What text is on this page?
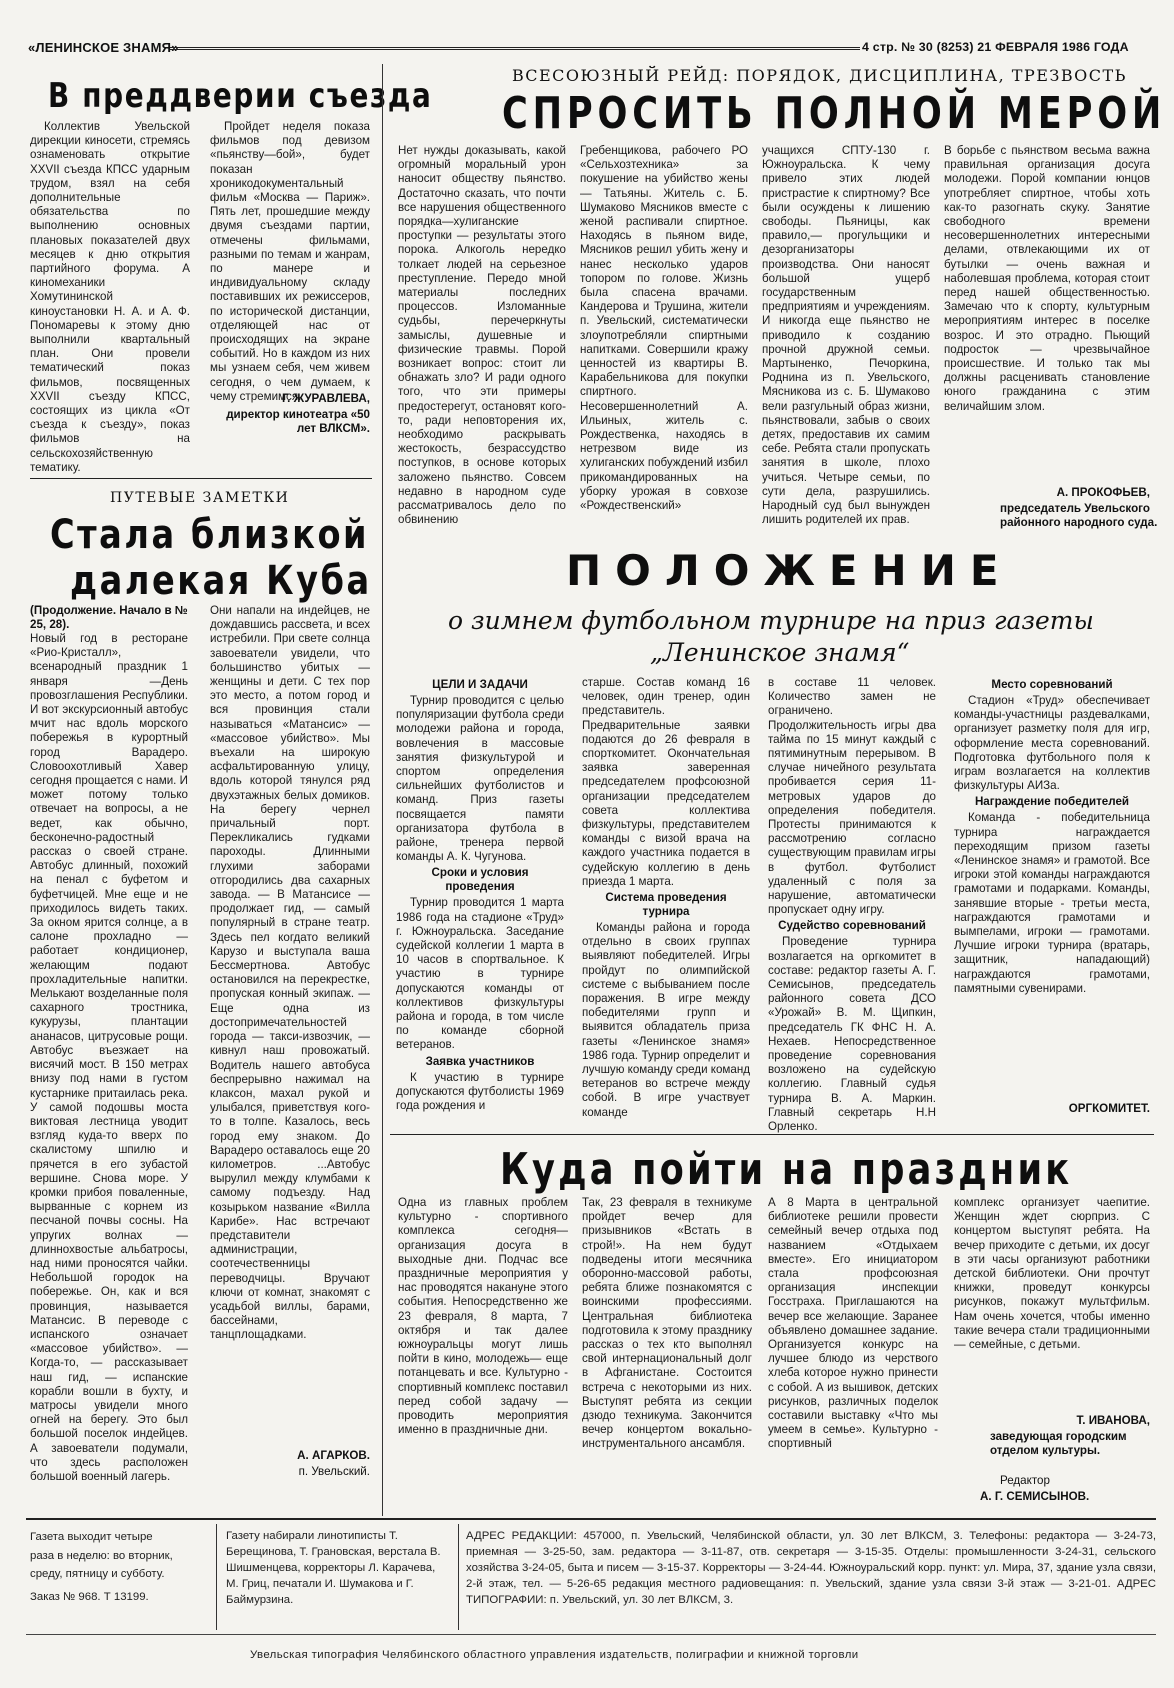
«ЛЕНИНСКОЕ ЗНАМЯ»	4 стр. № 30 (8253) 21 ФЕВРАЛЯ 1986 ГОДА
В преддверии съезда
Коллектив Увельской дирекции киносети, стремясь ознаменовать открытие XXVII съезда КПСС ударным трудом, взял на себя дополнительные обязательства по выполнению основных плановых показателей двух месяцев к дню открытия партийного форума. А киномеханики Хомутининской киноустановки Н. А. и А. Ф. Пономаревы к этому дню выполнили квартальный план. Они провели тематический показ фильмов, посвященных XXVII съезду КПСС, состоящих из цикла «От съезда к съезду», показ фильмов на сельскохозяйственную тематику.
Пройдет неделя показа фильмов под девизом «пьянству—бой», будет показан хроникодокументальный фильм «Москва — Париж». Пять лет, прошедшие между двумя съездами партии, отмечены фильмами, разными по темам и жанрам, по манере и индивидуальному складу поставивших их режиссеров, по исторической дистанции, отделяющей нас от происходящих на экране событий. Но в каждом из них мы узнаем себя, чем живем сегодня, о чем думаем, к чему стремимся.
Г. ЖУРАВЛЕВА,
директор кинотеатра «50 лет ВЛКСМ».
ПУТЕВЫЕ ЗАМЕТКИ
Стала близкой
далекая Куба
(Продолжение. Начало в № 25, 28).
Новый год в ресторане «Рио-Кристалл», всенародный праздник 1 января —День провозглашения Республики. И вот экскурсионный автобус мчит нас вдоль морского побережья в курортный город Варадеро. Словоохотливый Хавер сегодня прощается с нами. И может потому только отвечает на вопросы, а не ведет, как обычно, бесконечно-радостный рассказ о своей стране. Автобус длинный, похожий на пенал с буфетом и буфетчицей. Мне еще и не приходилось видеть таких. За окном ярится солнце, а в салоне прохладно — работает кондиционер, желающим подают прохладительные напитки. Мелькают возделанные поля сахарного тростника, кукурузы, плантации ананасов, цитрусовые рощи. Автобус въезжает на висячий мост. В 150 метрах внизу под нами в густом кустарнике притаилась река. У самой подошвы моста виктовая лестница уводит взгляд куда-то вверх по скалистому шпилю и прячется в его зубастой вершине. Снова море. У кромки прибоя поваленные, вырванные с корнем из песчаной почвы сосны. На упругих волнах — длиннохвостые альбатросы, над ними проносятся чайки. Небольшой городок на побережье. Он, как и вся провинция, называется Матансис. В переводе с испанского означает «массовое убийство». — Когда-то, — рассказывает наш гид, — испанские корабли вошли в бухту, и матросы увидели много огней на берегу. Это был большой поселок индейцев. А завоеватели подумали, что здесь расположен большой военный лагерь.
Они напали на индейцев, не дождавшись рассвета, и всех истребили. При свете солнца завоеватели увидели, что большинство убитых — женщины и дети. С тех пор это место, а потом город и вся провинция стали называться «Матансис» — «массовое убийство». Мы въехали на широкую асфальтированную улицу, вдоль которой тянулся ряд двухэтажных белых домиков. На берегу чернел причальный порт. Перекликались гудками пароходы. Длинными глухими заборами отгородились два сахарных завода. — В Матансисе —продолжает гид, — самый популярный в стране театр. Здесь пел когдато великий Карузо и выступала ваша Бессмертнова. Автобус остановился на перекрестке, пропуская конный экипаж. — Еще одна из достопримечательностей города — такси-извозчик, — кивнул наш провожатый. Водитель нашего автобуса беспрерывно нажимал на клаксон, махал рукой и улыбался, приветствуя кого-то в толпе. Казалось, весь город ему знаком. До Варадеро оставалось еще 20 километров. ...Автобус вырулил между клумбами к самому подъезду. Над козырьком название «Вилла Карибе». Нас встречают представители администрации, соотечественницы переводчицы. Вручают ключи от комнат, знакомят с усадьбой виллы, барами, бассейнами, танцплощадками.
А. АГАРКОВ.
п. Увельский.
ВСЕСОЮЗНЫЙ РЕЙД: ПОРЯДОК, ДИСЦИПЛИНА, ТРЕЗВОСТЬ
СПРОСИТЬ ПОЛНОЙ МЕРОЙ
Нет нужды доказывать, какой огромный моральный урон наносит обществу пьянство. Достаточно сказать, что почти все нарушения общественного порядка—хулиганские проступки — результаты этого порока. Алкоголь нередко толкает людей на серьезное преступление. Передо мной материалы последних процессов. Изломанные судьбы, перечеркнуты замыслы, душевные и физические травмы. Порой возникает вопрос: стоит ли обнажать зло? И ради одного того, что эти примеры предостерегут, остановят кого-то, ради неповторения их, необходимо раскрывать жестокость, безрассудство поступков, в основе которых заложено пьянство. Совсем недавно в народном суде рассматривалось дело по обвинению
Гребенщикова, рабочего РО «Сельхозтехника» за покушение на убийство жены — Татьяны. Житель с. Б. Шумаково Мясников вместе с женой распивали спиртное. Находясь в пьяном виде, Мясников решил убить жену и нанес несколько ударов топором по голове. Жизнь была спасена врачами. Кандерова и Трушина, жители п. Увельский, систематически злоупотребляли спиртными напитками. Совершили кражу ценностей из квартиры В. Карабельникова для покупки спиртного. Несовершеннолетний А. Ильиных, житель с. Рождественка, находясь в нетрезвом виде из хулиганских побуждений избил прикомандированных на уборку урожая в совхозе «Рождественский»
учащихся СПТУ-130 г. Южноуральска. К чему привело этих людей пристрастие к спиртному? Все были осуждены к лишению свободы. Пьяницы, как правило,— прогульщики и дезорганизаторы производства. Они наносят большой ущерб государственным предприятиям и учреждениям. И никогда еще пьянство не приводило к созданию прочной дружной семьи. Мартыненко, Печоркина, Роднина из п. Увельского, Мясникова из с. Б. Шумаково вели разгульный образ жизни, пьянствовали, забыв о своих детях, предоставив их самим себе. Ребята стали пропускать занятия в школе, плохо учиться. Четыре семьи, по сути дела, разрушились. Народный суд был вынужден лишить родителей их прав.
В борьбе с пьянством весьма важна правильная организация досуга молодежи. Порой компании юнцов употребляет спиртное, чтобы хоть как-то разогнать скуку. Занятие свободного времени несовершеннолетних интересными делами, отвлекающими их от бутылки — очень важная и наболевшая проблема, которая стоит перед нашей общественностью. Замечаю что к спорту, культурным мероприятиям интерес в поселке возрос. И это отрадно. Пьющий подросток — чрезвычайное происшествие. И только так мы должны расценивать становление юного гражданина с этим величайшим злом.
А. ПРОКОФЬЕВ,
председатель Увельского районного народного суда.
ПОЛОЖЕНИЕ
о зимнем футбольном турнире на приз газеты
„Ленинское знамя“
ЦЕЛИ И ЗАДАЧИ
Турнир проводится с целью популяризации футбола среди молодежи района и города, вовлечения в массовые занятия физкультурой и спортом определения сильнейших футболистов и команд. Приз газеты посвящается памяти организатора футбола в районе, тренера первой команды А. К. Чугунова.
Сроки и условия проведения
Турнир проводится 1 марта 1986 года на стадионе «Труд» г. Южноуральска. Заседание судейской коллегии 1 марта в 10 часов в спортвальное. К участию в турнире допускаются команды от коллективов физкультуры района и города, в том числе по команде сборной ветеранов.
Заявка участников
К участию в турнире допускаются футболисты 1969 года рождения и
старше. Состав команд 16 человек, один тренер, один представитель. Предварительные заявки подаются до 26 февраля в спорткомитет. Окончательная заявка заверенная председателем профсоюзной организации председателем совета коллектива физкультуры, представителем команды с визой врача на каждого участника подается в судейскую коллегию в день приезда 1 марта.
Система проведения турнира
Команды района и города отдельно в своих группах выявляют победителей. Игры пройдут по олимпийской системе с выбыванием после поражения. В игре между победителями групп и выявится обладатель приза газеты «Ленинское знамя» 1986 года. Турнир определит и лучшую команду среди команд ветеранов во встрече между собой. В игре участвует команде
в составе 11 человек. Количество замен не ограничено. Продолжительность игры два тайма по 15 минут каждый с пятиминутным перерывом. В случае ничейного результата пробивается серия 11-метровых ударов до определения победителя. Протесты принимаются к рассмотрению согласно существующим правилам игры в футбол. Футболист удаленный с поля за нарушение, автоматически пропускает одну игру.
Судейство соревнований
Проведение турнира возлагается на оргкомитет в составе: редактор газеты А. Г. Семисынов, председатель районного совета ДСО «Урожай» В. М. Щипкин, председатель ГК ФНС Н. А. Нехаев. Непосредственное проведение соревнования возложено на судейскую коллегию. Главный судья турнира В. А. Маркин. Главный секретарь Н.Н Орленко.
Место соревнований
Стадион «Труд» обеспечивает команды-участницы раздевалками, организует разметку поля для игр, оформление места соревнований. Подготовка футбольного поля к играм возлагается на коллектив физкультуры АИЗа.
Награждение победителей
Команда - победительница турнира награждается переходящим призом газеты «Ленинское знамя» и грамотой. Все игроки этой команды награждаются грамотами и подарками. Команды, занявшие вторые - третьи места, награждаются грамотами и вымпелами, игроки — грамотами. Лучшие игроки турнира (вратарь, защитник, нападающий) награждаются грамотами, памятными сувенирами.
ОРГКОМИТЕТ.
Куда пойти на праздник
Одна из главных проблем культурно - спортивного комплекса сегодня— организация досуга в выходные дни. Подчас все праздничные мероприятия у нас проводятся накануне этого события. Непосредственно же 23 февраля, 8 марта, 7 октября и так далее южноуральцы могут лишь пойти в кино, молодежь— еще потанцевать и все. Культурно - спортивный комплекс поставил перед собой задачу —проводить мероприятия именно в праздничные дни.
Так, 23 февраля в техникуме пройдет вечер для призывников «Встать в строй!». На нем будут подведены итоги месячника оборонно-массовой работы, ребята ближе познакомятся с воинскими профессиями. Центральная библиотека подготовила к этому празднику рассказ о тех кто выполнял свой интернациональный долг в Афганистане. Состоится встреча с некоторыми из них. Выступят ребята из секции дзюдо техникума. Закончится вечер концертом вокально-инструментального ансамбля.
А 8 Марта в центральной библиотеке решили провести семейный вечер отдыха под названием «Отдыхаем вместе». Его инициатором стала профсоюзная организация инспекции Госстраха. Приглашаются на вечер все желающие. Заранее объявлено домашнее задание. Организуется конкурс на лучшее блюдо из черствого хлеба которое нужно принести с собой. А из вышивок, детских рисунков, различных поделок составили выставку «Что мы умеем в семье». Культурно - спортивный
комплекс организует чаепитие. Женщин ждет сюрприз. С концертом выступят ребята. На вечер приходите с детьми, их досуг в эти часы организуют работники детской библиотеки. Они прочтут книжки, проведут конкурсы рисунков, покажут мультфильм. Нам очень хочется, чтобы именно такие вечера стали традиционными— семейные, с детьми.
Т. ИВАНОВА,
заведующая городским отделом культуры.
Редактор
А. Г. СЕМИСЫНОВ.
Газета выходит четыре
раза в неделю: во вторник,
среду, пятницу и субботу.
Заказ № 968. Т 13199.
Газету набирали линотиписты Т. Берещинова, Т. Грановская, верстала В. Шишменцева, корректоры Л. Карачева, М. Гриц, печатали И. Шумакова и Г. Баймурзина.
АДРЕС РЕДАКЦИИ: 457000, п. Увельский, Челябинской области, ул. 30 лет ВЛКСМ, 3. Телефоны: редактора — 3-24-73, приемная — 3-25-50, зам. редактора — 3-11-87, отв. секретаря — 3-15-35. Отделы: промышленности 3-24-31, сельского хозяйства 3-24-05, быта и писем — 3-15-37. Корректоры — 3-24-44. Южноуральский корр. пункт: ул. Мира, 37, здание узла связи, 2-й этаж, тел. — 5-26-65 редакция местного радиовещания: п. Увельский, здание узла связи 3-й этаж — 3-21-01. АДРЕС ТИПОГРАФИИ: п. Увельский, ул. 30 лет ВЛКСМ, 3.
Увельская типография Челябинского областного управления издательств, полиграфии и книжной торговли
